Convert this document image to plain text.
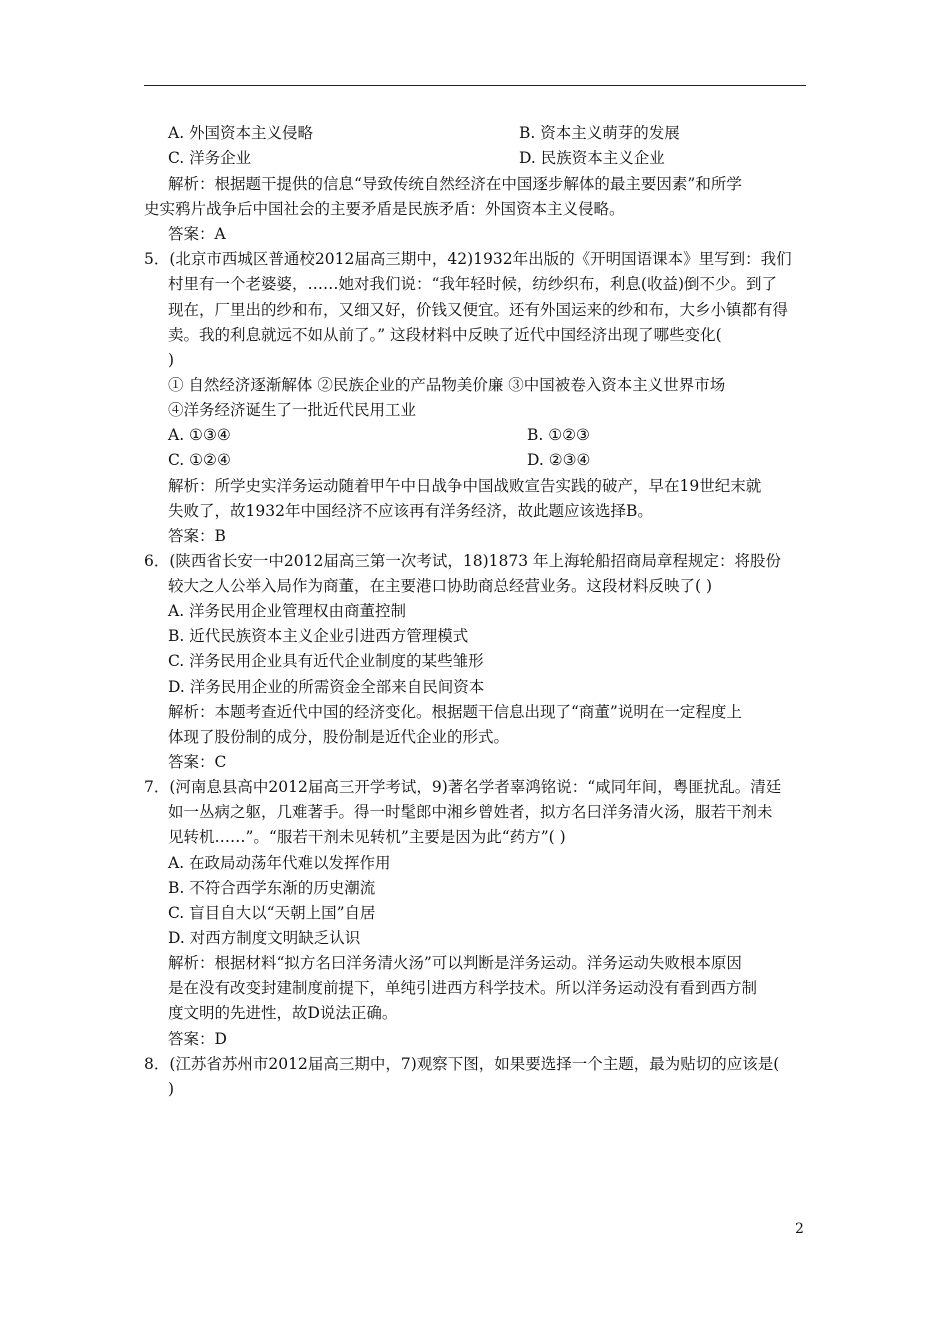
A. 外国资本主义侵略	B. 资本主义萌芽的发展
C. 洋务企业	D. 民族资本主义企业
解析：根据题干提供的信息“导致传统自然经济在中国逐步解体的最主要因素”和所学
史实鸦片战争后中国社会的主要矛盾是民族矛盾：外国资本主义侵略。
答案：A
5．(北京市西城区普通校2012届高三期中，42)1932年出版的《开明国语课本》里写到：我们
村里有一个老婆婆，……她对我们说：“我年轻时候，纺纱织布，利息(收益)倒不少。到了
现在，厂里出的纱和布，又细又好，价钱又便宜。还有外国运来的纱和布，大乡小镇都有得
卖。我的利息就远不如从前了。” 这段材料中反映了近代中国经济出现了哪些变化(
)
① 自然经济逐渐解体 ②民族企业的产品物美价廉 ③中国被卷入资本主义世界市场
④洋务经济诞生了一批近代民用工业
A. ①③④	B. ①②③
C. ①②④	D. ②③④
解析：所学史实洋务运动随着甲午中日战争中国战败宣告实践的破产，早在19世纪末就
失败了，故1932年中国经济不应该再有洋务经济，故此题应该选择B。
答案：B
6．(陕西省长安一中2012届高三第一次考试，18)1873 年上海轮船招商局章程规定：将股份
较大之人公举入局作为商董，在主要港口协助商总经营业务。这段材料反映了( )
A. 洋务民用企业管理权由商董控制
B. 近代民族资本主义企业引进西方管理模式
C. 洋务民用企业具有近代企业制度的某些雏形
D. 洋务民用企业的所需资金全部来自民间资本
解析：本题考查近代中国的经济变化。根据题干信息出现了“商董”说明在一定程度上
体现了股份制的成分，股份制是近代企业的形式。
答案：C
7．(河南息县高中2012届高三开学考试，9)著名学者辜鸿铭说：“咸同年间，粤匪扰乱。清廷
如一丛病之躯，几难著手。得一时髦郎中湘乡曾姓者，拟方名曰洋务清火汤，服若干剂未
见转机……”。“服若干剂未见转机”主要是因为此“药方”( )
A. 在政局动荡年代难以发挥作用
B. 不符合西学东渐的历史潮流
C. 盲目自大以“天朝上国”自居
D. 对西方制度文明缺乏认识
解析：根据材料“拟方名曰洋务清火汤”可以判断是洋务运动。洋务运动失败根本原因
是在没有改变封建制度前提下，单纯引进西方科学技术。所以洋务运动没有看到西方制
度文明的先进性，故D说法正确。
答案：D
8．(江苏省苏州市2012届高三期中，7)观察下图，如果要选择一个主题，最为贴切的应该是(
)
2
